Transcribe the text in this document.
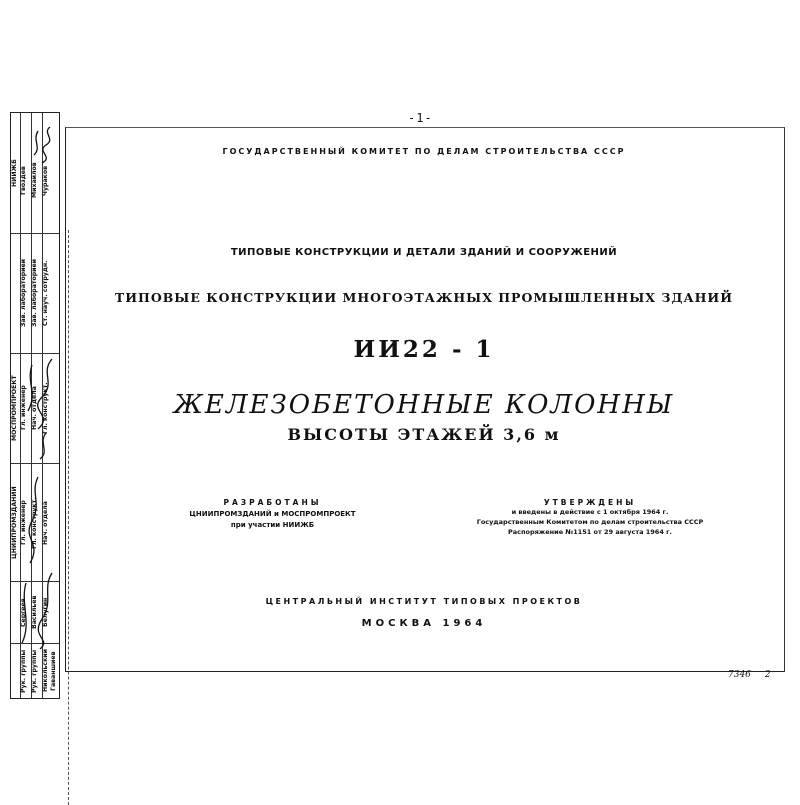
НИИЖБ
МОСПРОМПРОЕКТ
ЦНИИПРОМЗДАНИЙ
Зав. лабораторией Зав. лабораторией Ст. науч. сотрудн.
Гл. инженер Нач. отдела Гл. конструкт.
Гл. инженер Гл. конструкт. Нач. отдела
Гвоздев Михайлов Чураков
Сергеев Васильев Белугин
Рук. группы Рук. группы Никольский Гаваншиев
-1-
ГОСУДАРСТВЕННЫЙ КОМИТЕТ ПО ДЕЛАМ СТРОИТЕЛЬСТВА СССР
ТИПОВЫЕ КОНСТРУКЦИИ И ДЕТАЛИ ЗДАНИЙ И СООРУЖЕНИЙ
ТИПОВЫЕ КОНСТРУКЦИИ МНОГОЭТАЖНЫХ ПРОМЫШЛЕННЫХ ЗДАНИЙ
ИИ22 - 1
ЖЕЛЕЗОБЕТОННЫЕ КОЛОННЫ
ВЫСОТЫ ЭТАЖЕЙ 3,6 м
РАЗРАБОТАНЫ
ЦНИИПРОМЗДАНИЙ и МОСПРОМПРОЕКТ
при участии НИИЖБ
УТВЕРЖДЕНЫ
и введены в действие с 1 октября 1964 г.
Государственным Комитетом по делам строительства СССР
Распоряжение №1151 от 29 августа 1964 г.
ЦЕНТРАЛЬНЫЙ ИНСТИТУТ ТИПОВЫХ ПРОЕКТОВ
МОСКВА 1964
7346 2
